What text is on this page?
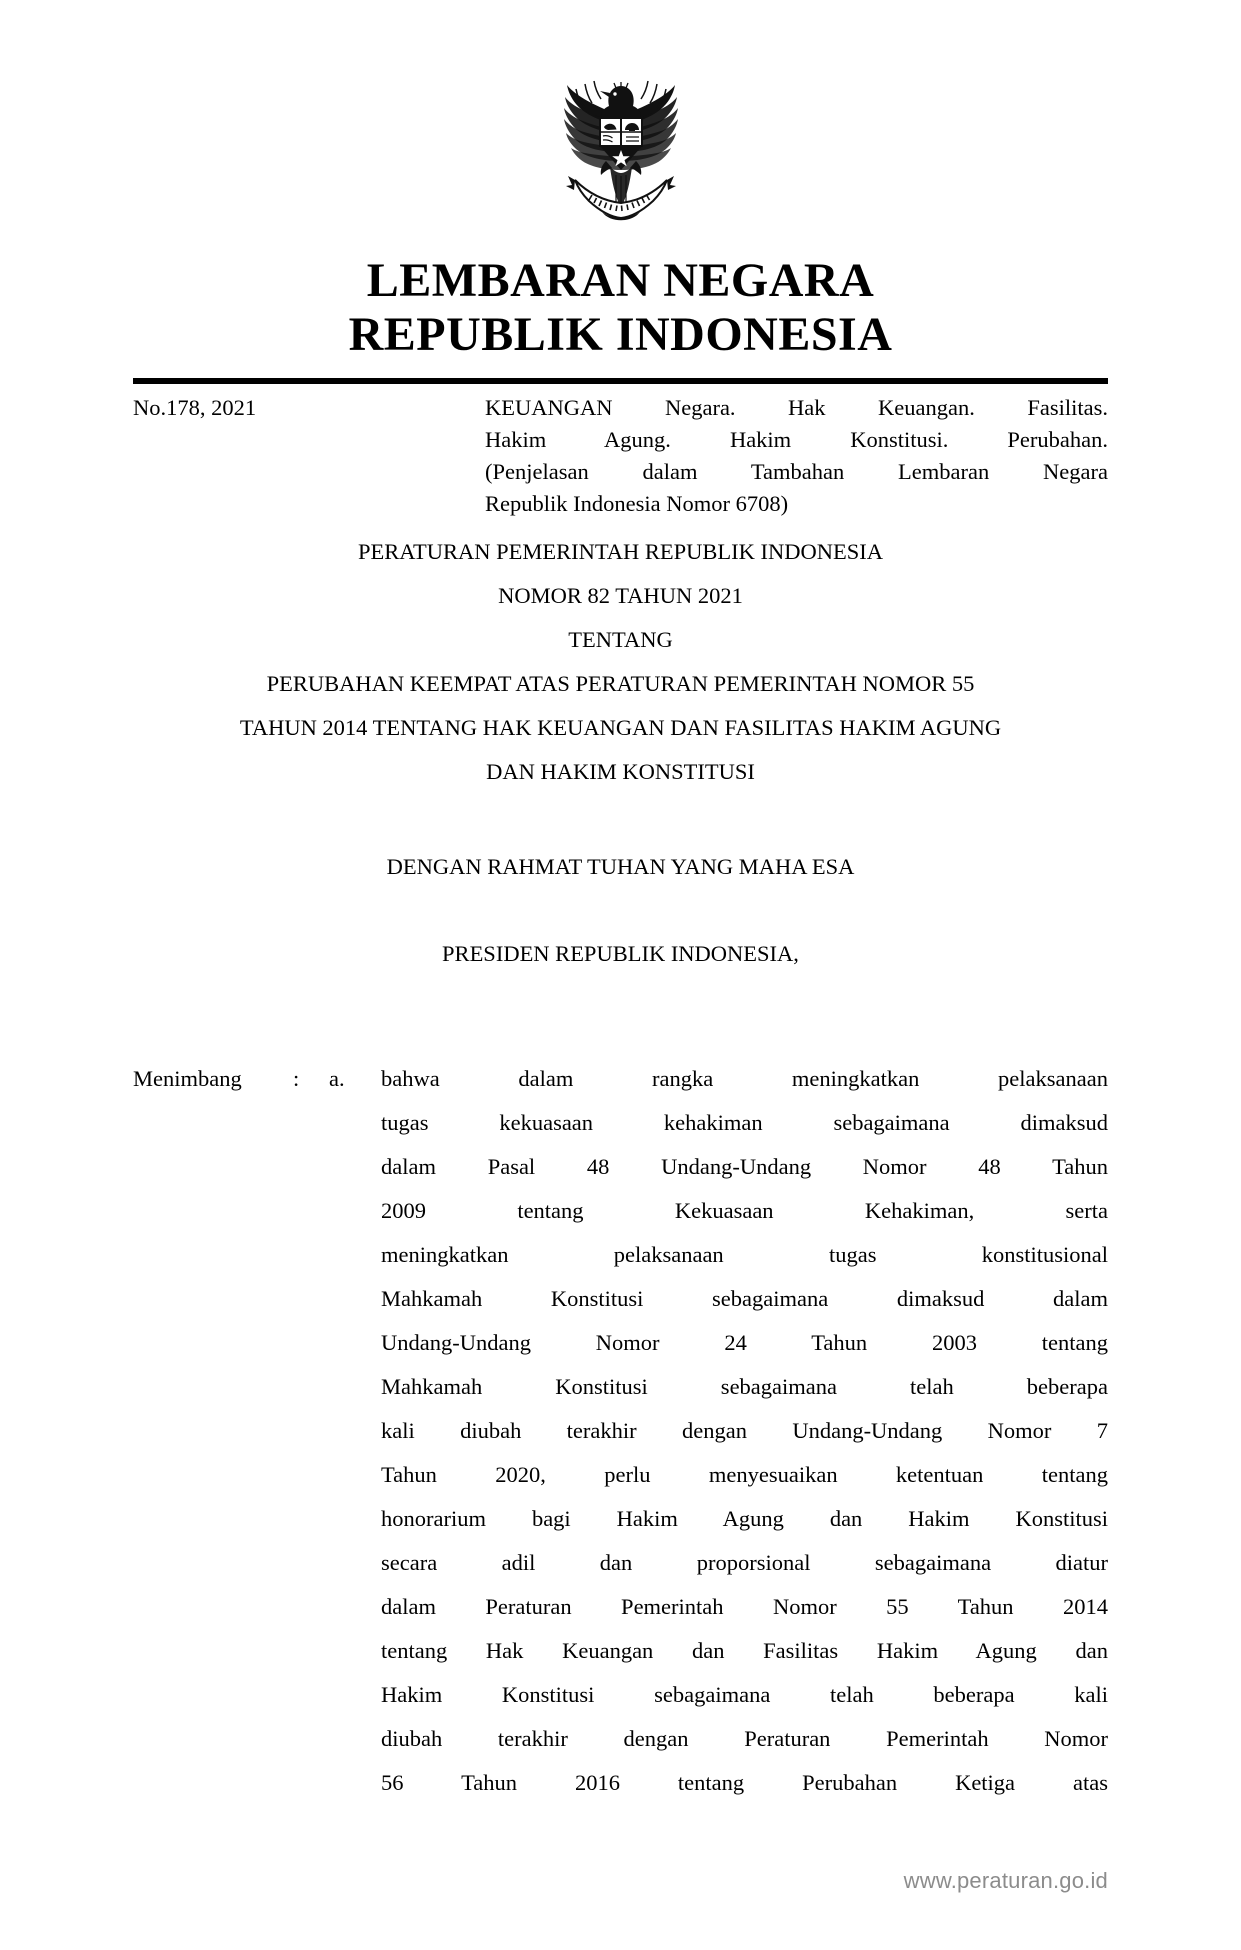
LEMBARAN NEGARA
REPUBLIK INDONESIA
No.178, 2021	KEUANGAN Negara. Hak Keuangan. Fasilitas.
Hakim Agung. Hakim Konstitusi. Perubahan.
(Penjelasan dalam Tambahan Lembaran Negara
Republik Indonesia Nomor 6708)
PERATURAN PEMERINTAH REPUBLIK INDONESIA
NOMOR 82 TAHUN 2021
TENTANG
PERUBAHAN KEEMPAT ATAS PERATURAN PEMERINTAH NOMOR 55
TAHUN 2014 TENTANG HAK KEUANGAN DAN FASILITAS HAKIM AGUNG
DAN HAKIM KONSTITUSI
DENGAN RAHMAT TUHAN YANG MAHA ESA
PRESIDEN REPUBLIK INDONESIA,
Menimbang	:	a.	bahwa dalam rangka meningkatkan pelaksanaan
tugas kekuasaan kehakiman sebagaimana dimaksud
dalam Pasal 48 Undang-Undang Nomor 48 Tahun
2009 tentang Kekuasaan Kehakiman, serta
meningkatkan pelaksanaan tugas konstitusional
Mahkamah Konstitusi sebagaimana dimaksud dalam
Undang-Undang Nomor 24 Tahun 2003 tentang
Mahkamah Konstitusi sebagaimana telah beberapa
kali diubah terakhir dengan Undang-Undang Nomor 7
Tahun 2020, perlu menyesuaikan ketentuan tentang
honorarium bagi Hakim Agung dan Hakim Konstitusi
secara adil dan proporsional sebagaimana diatur
dalam Peraturan Pemerintah Nomor 55 Tahun 2014
tentang Hak Keuangan dan Fasilitas Hakim Agung dan
Hakim Konstitusi sebagaimana telah beberapa kali
diubah terakhir dengan Peraturan Pemerintah Nomor
56 Tahun 2016 tentang Perubahan Ketiga atas
www.peraturan.go.id
